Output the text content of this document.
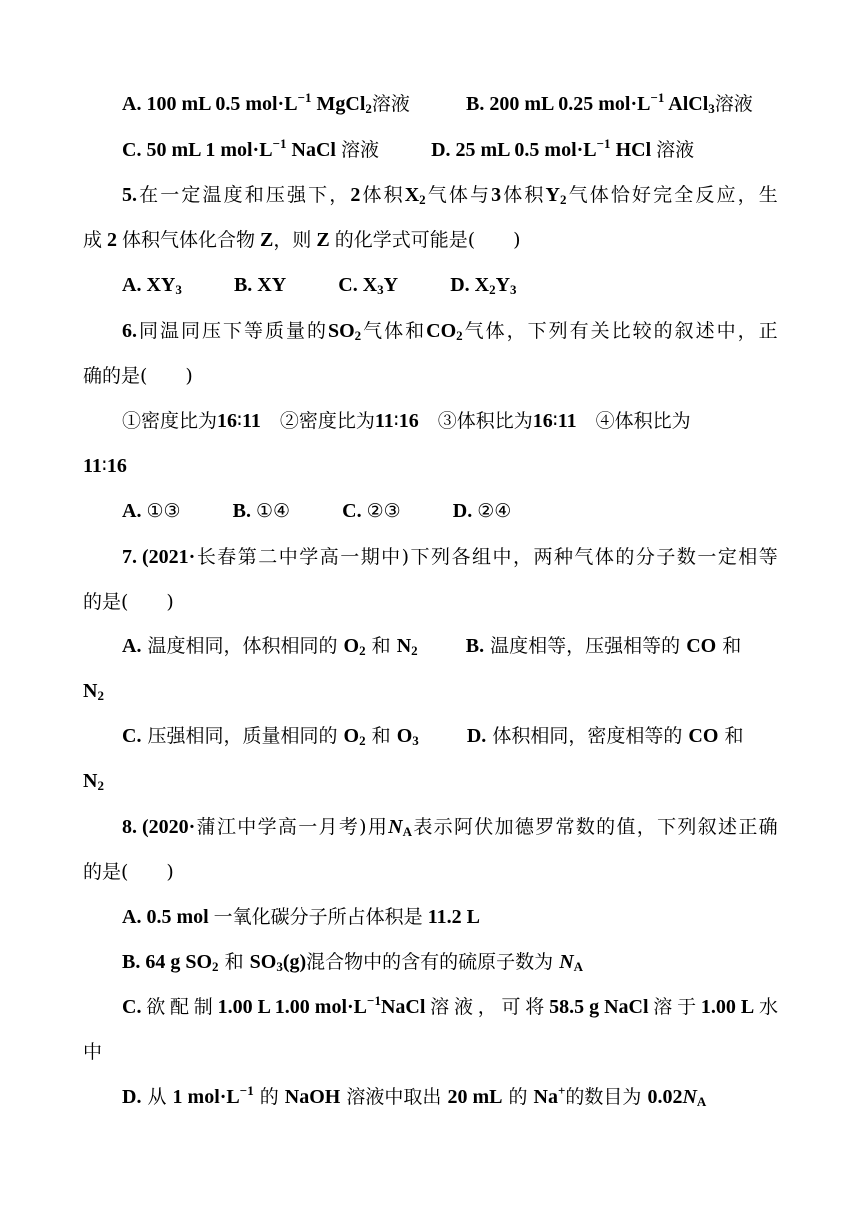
A. 100 mL 0.5 $mol\cdot L^{-1}$ MgCl$_2$溶液	B. 200 mL 0.25 $mol\cdot L^{-1}$ AlCl$_3$溶液
C. 50 mL 1 $mol\cdot L^{-1}$ NaCl 溶液	D. 25 mL 0.5 $mol\cdot L^{-1}$ HCl 溶液
5. 在 一 定 温 度 和 压 强 下 ， 2 体 积 $X_2$ 气 体 与 3 体 积 $Y_2$ 气 体 恰 好 完 全 反 应 ， 生
成 2 体积气体化合物 Z，则 Z 的化学式可能是(　　)
A. $XY_3$	B. XY	C. $X_3Y$	D. $X_2Y_3$
6. 同 温 同 压 下 等 质 量 的 $SO_2$ 气 体 和 $CO_2$ 气 体 ， 下 列 有 关 比 较 的 叙 述 中 ， 正
确的是(　　)
①密度比为16∶11　②密度比为11∶16　③体积比为16∶11　④体积比为
11∶16
A. ①③	B. ①④	C. ②③	D. ②④
7. (2021· 长 春 第 二 中 学 高 一 期 中 ) 下 列 各 组 中 ， 两 种 气 体 的 分 子 数 一 定 相 等
的是(　　)
A. 温度相同，体积相同的 $O_2$ 和 $N_2$ B. 温度相等，压强相等的 CO 和
$N_2$
C. 压强相同，质量相同的 $O_2$ 和 $O_3$ D. 体积相同，密度相等的 CO 和
$N_2$
8. (2020· 蒲 江 中 学 高 一 月 考 ) 用 $N_A$ 表 示 阿 伏 加 德 罗 常 数 的 值 ， 下 列 叙 述 正 确
的是(　　)
A. 0.5 mol 一氧化碳分子所占体积是 11.2 L
B. 64 g $SO_2$ 和 $SO_3(g)$混合物中的含有的硫原子数为 $N_A$
C. 欲 配 制 1.00 L 1.00 $mol\cdot L^{-1}NaCl$ 溶 液 ， 可 将 58.5 g NaCl 溶 于 1.00 L 水
中
D. 从 1 $mol\cdot L^{-1}$ 的 NaOH 溶液中取出 20 mL 的 Na+的数目为 $0.02N_A$
